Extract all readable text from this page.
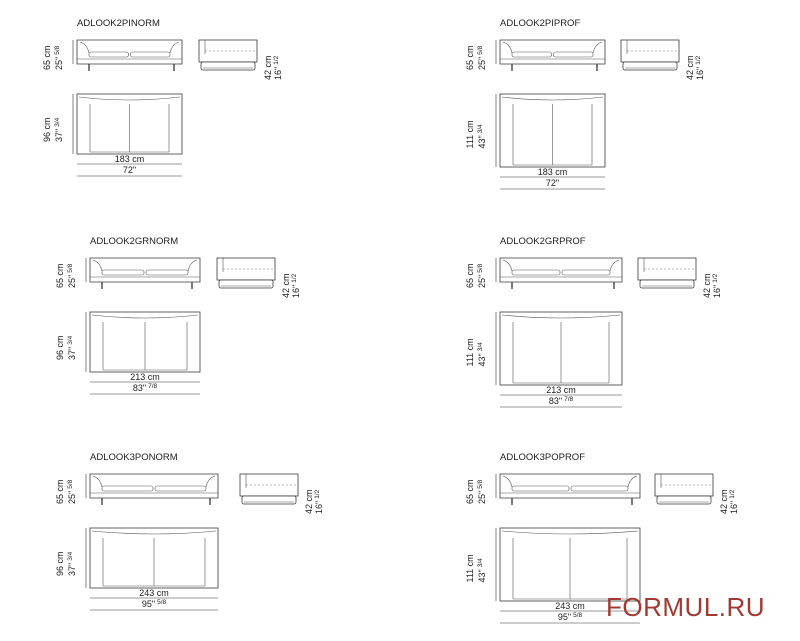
ADLOOK2PINORM
65 cm 25"$^{5/8}$
42 cm 16"$^{1/2}$
96 cm 37"$^{3/4}$
183 cm
72"
ADLOOK2PIPROF
65 cm 25"$^{5/8}$
42 cm 16"$^{1/2}$
111 cm 43"$^{3/4}$
183 cm
72"
ADLOOK2GRNORM
65 cm 25"$^{5/8}$
42 cm 16"$^{1/2}$
96 cm 37"$^{3/4}$
213 cm
83" $^{7/8}$
ADLOOK2GRPROF
65 cm 25"$^{5/8}$
42 cm 16"$^{1/2}$
111 cm 43"$^{3/4}$
213 cm
83" $^{7/8}$
ADLOOK3PONORM
65 cm 25"$^{5/8}$
42 cm 16"$^{1/2}$
96 cm 37"$^{3/4}$
243 cm
95" $^{5/8}$
ADLOOK3POPROF
65 cm 25"$^{5/8}$
42 cm 16"$^{1/2}$
111 cm 43"$^{3/4}$
243 cm
95" $^{5/8}$ FORMUL.RU
